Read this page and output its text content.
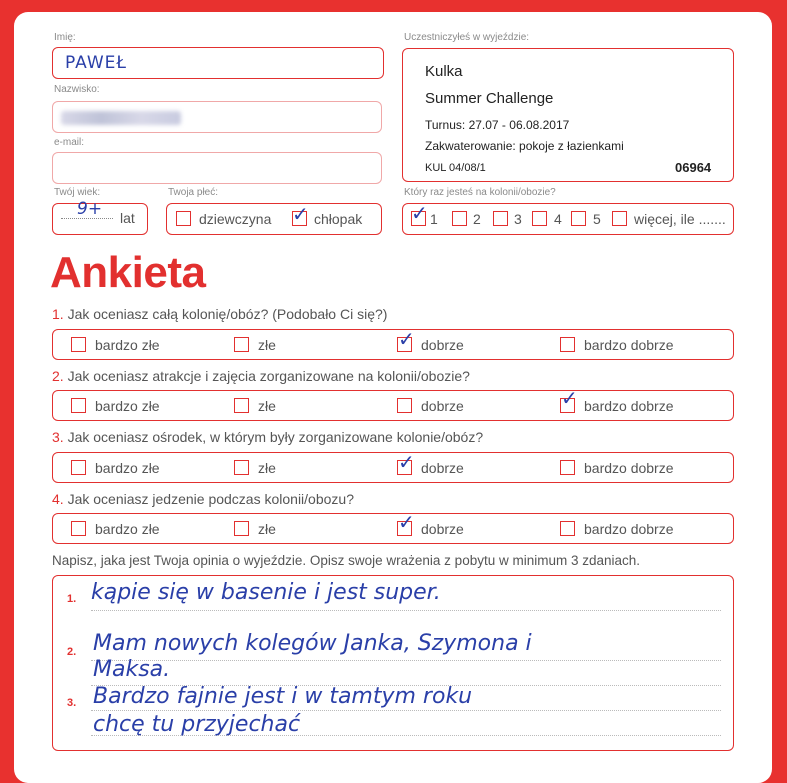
Imię:
PAWEŁ
Nazwisko:
e-mail:
Twój wiek:
9+ lat
Twoja płeć:
dziewczyna ✓ chłopak
Uczestniczyłeś w wyjeździe:
Kulka
Summer Challenge
Turnus: 27.07 - 06.08.2017
Zakwaterowanie: pokoje z łazienkami
KUL 04/08/1	06964
Który raz jesteś na kolonii/obozie?
✓ 1	2 3 4 5 więcej, ile .......
Ankieta
1. Jak oceniasz całą kolonię/obóz? (Podobało Ci się?)
bardzo złe	złe	✓ dobrze	bardzo dobrze
2. Jak oceniasz atrakcje i zajęcia zorganizowane na kolonii/obozie?
bardzo złe	złe	dobrze	✓ bardzo dobrze
3. Jak oceniasz ośrodek, w którym były zorganizowane kolonie/obóz?
bardzo złe	złe	✓ dobrze	bardzo dobrze
4. Jak oceniasz jedzenie podczas kolonii/obozu?
bardzo złe	złe	✓ dobrze	bardzo dobrze
Napisz, jaka jest Twoja opinia o wyjeździe. Opisz swoje wrażenia z pobytu w minimum 3 zdaniach.
1.
2.
3.
kąpie się w basenie i jest super.
Mam nowych kolegów Janka, Szymona i
Maksa.
Bardzo fajnie jest i w tamtym roku
chcę tu przyjechać
